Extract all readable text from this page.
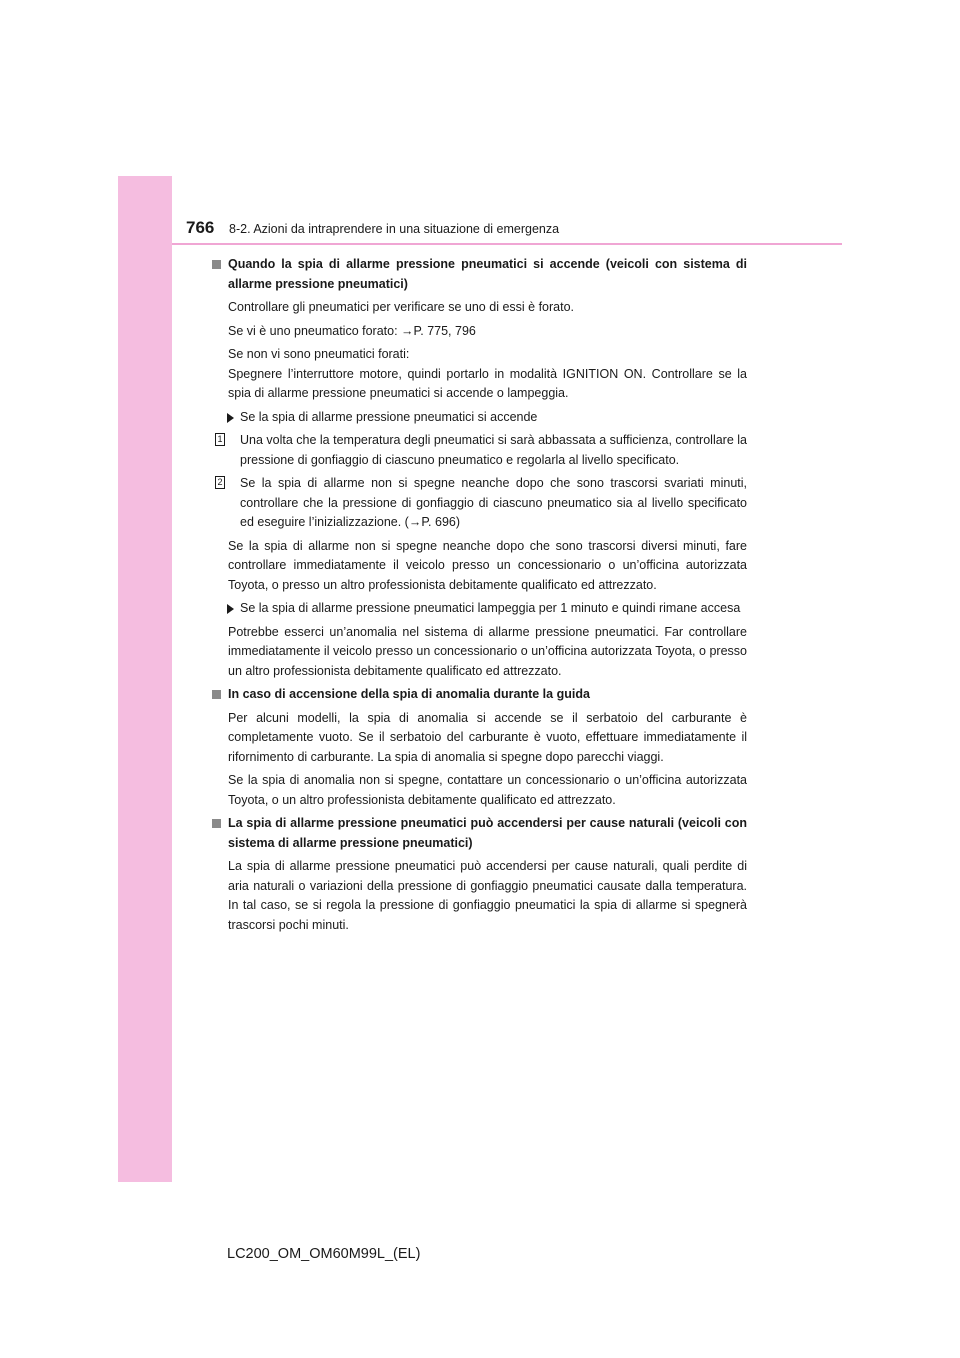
766 8-2. Azioni da intraprendere in una situazione di emergenza

Quando la spia di allarme pressione pneumatici si accende (veicoli con sistema di allarme pressione pneumatici)

Controllare gli pneumatici per verificare se uno di essi è forato.

Se vi è uno pneumatico forato: →P. 775, 796

Se non vi sono pneumatici forati:
Spegnere l’interruttore motore, quindi portarlo in modalità IGNITION ON. Controllare se la spia di allarme pressione pneumatici si accende o lampeggia.

Se la spia di allarme pressione pneumatici si accende

1 Una volta che la temperatura degli pneumatici si sarà abbassata a sufficienza, controllare la pressione di gonfiaggio di ciascuno pneumatico e regolarla al livello specificato.

2 Se la spia di allarme non si spegne neanche dopo che sono trascorsi svariati minuti, controllare che la pressione di gonfiaggio di ciascuno pneumatico sia al livello specificato ed eseguire l’inizializzazione. (→P. 696)

Se la spia di allarme non si spegne neanche dopo che sono trascorsi diversi minuti, fare controllare immediatamente il veicolo presso un concessionario o un’officina autorizzata Toyota, o presso un altro professionista debitamente qualificato ed attrezzato.

Se la spia di allarme pressione pneumatici lampeggia per 1 minuto e quindi rimane accesa

Potrebbe esserci un’anomalia nel sistema di allarme pressione pneumatici. Far controllare immediatamente il veicolo presso un concessionario o un’officina autorizzata Toyota, o presso un altro professionista debitamente qualificato ed attrezzato.

In caso di accensione della spia di anomalia durante la guida

Per alcuni modelli, la spia di anomalia si accende se il serbatoio del carburante è completamente vuoto. Se il serbatoio del carburante è vuoto, effettuare immediatamente il rifornimento di carburante. La spia di anomalia si spegne dopo parecchi viaggi.

Se la spia di anomalia non si spegne, contattare un concessionario o un’officina autorizzata Toyota, o un altro professionista debitamente qualificato ed attrezzato.

La spia di allarme pressione pneumatici può accendersi per cause naturali (veicoli con sistema di allarme pressione pneumatici)

La spia di allarme pressione pneumatici può accendersi per cause naturali, quali perdite di aria naturali o variazioni della pressione di gonfiaggio pneumatici causate dalla temperatura. In tal caso, se si regola la pressione di gonfiaggio pneumatici la spia di allarme si spegnerà trascorsi pochi minuti.

LC200_OM_OM60M99L_(EL)
